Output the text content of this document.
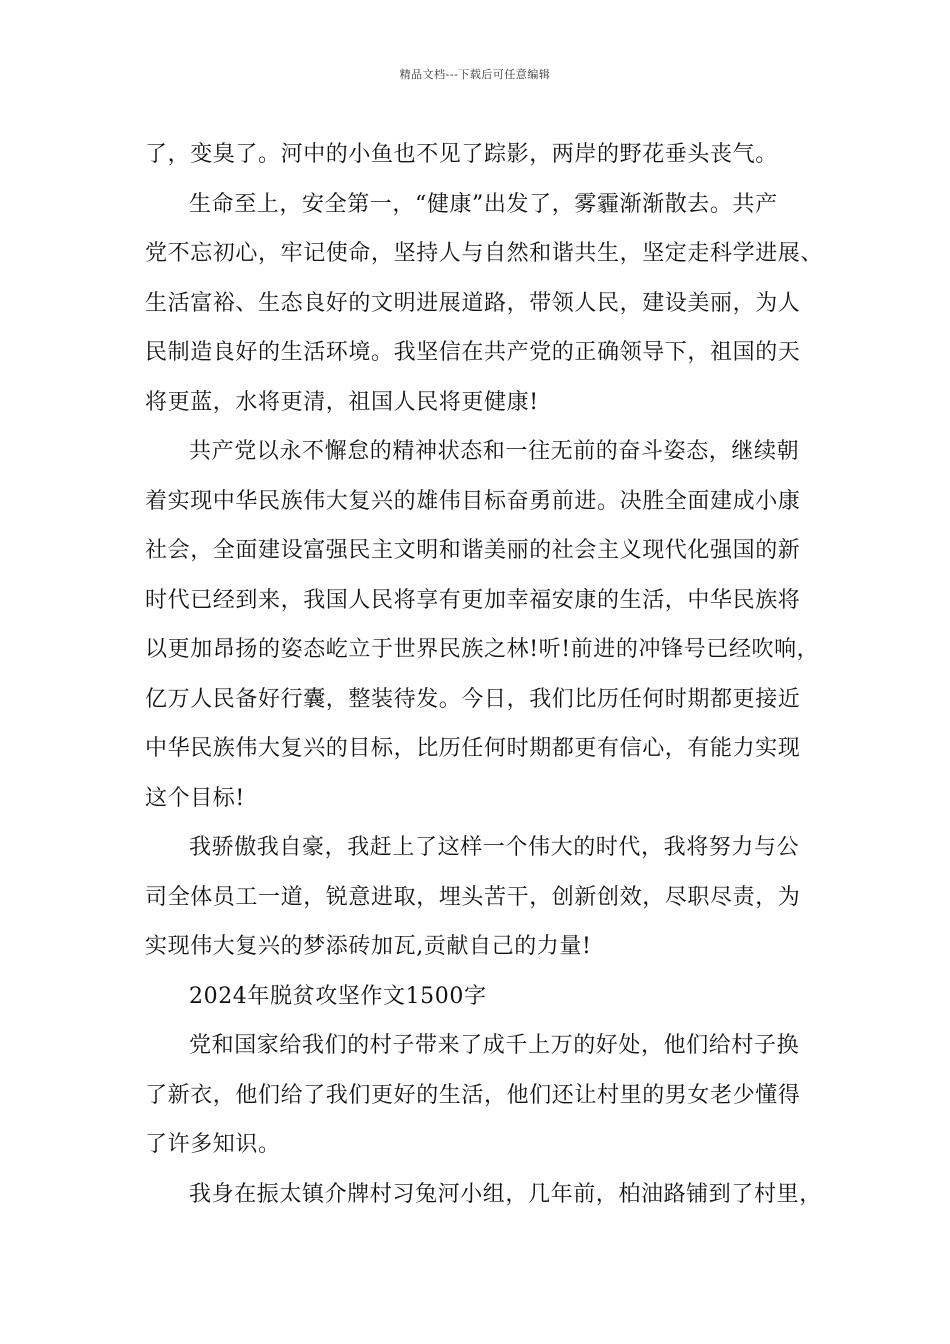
精品文档---下载后可任意编辑
了，变臭了。河中的小鱼也不见了踪影，两岸的野花垂头丧气。
生命至上，安全第一，“健康”出发了，雾霾渐渐散去。共产
党不忘初心，牢记使命，坚持人与自然和谐共生，坚定走科学进展、
生活富裕、生态良好的文明进展道路，带领人民，建设美丽，为人
民制造良好的生活环境。我坚信在共产党的正确领导下，祖国的天
将更蓝，水将更清，祖国人民将更健康!
共产党以永不懈怠的精神状态和一往无前的奋斗姿态，继续朝
着实现中华民族伟大复兴的雄伟目标奋勇前进。决胜全面建成小康
社会，全面建设富强民主文明和谐美丽的社会主义现代化强国的新
时代已经到来，我国人民将享有更加幸福安康的生活，中华民族将
以更加昂扬的姿态屹立于世界民族之林!听!前进的冲锋号已经吹响，
亿万人民备好行囊，整装待发。今日，我们比历任何时期都更接近
中华民族伟大复兴的目标，比历任何时期都更有信心，有能力实现
这个目标!
我骄傲我自豪，我赶上了这样一个伟大的时代，我将努力与公
司全体员工一道，锐意进取，埋头苦干，创新创效，尽职尽责，为
实现伟大复兴的梦添砖加瓦,贡献自己的力量!
2024年脱贫攻坚作文1500字
党和国家给我们的村子带来了成千上万的好处，他们给村子换
了新衣，他们给了我们更好的生活，他们还让村里的男女老少懂得
了许多知识。
我身在振太镇介牌村习兔河小组，几年前，柏油路铺到了村里，
